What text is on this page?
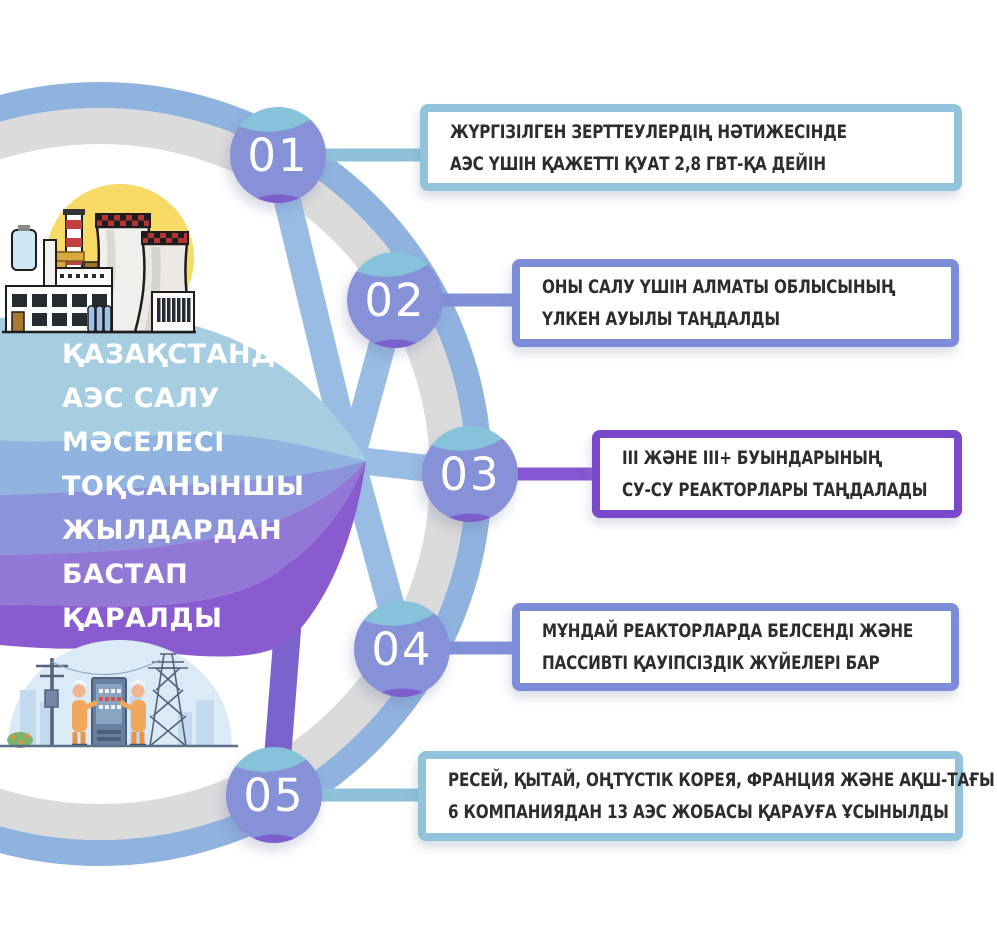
ҚАЗАҚСТАНДА
АЭС САЛУ
МӘСЕЛЕСІ
ТОҚСАНЫНШЫ
ЖЫЛДАРДАН
БАСТАП
ҚАРАЛДЫ
01
02
03
04
05
ЖҮРГІЗІЛГЕН ЗЕРТТЕУЛЕРДІҢ НӘТИЖЕСІНДЕ
АЭС ҮШІН ҚАЖЕТТІ ҚУАТ 2,8 ГВТ-ҚА ДЕЙІН
ОНЫ САЛУ ҮШІН АЛМАТЫ ОБЛЫСЫНЫҢ
ҮЛКЕН АУЫЛЫ ТАҢДАЛДЫ
III ЖӘНЕ III+ БУЫНДАРЫНЫҢ
СУ-СУ РЕАКТОРЛАРЫ ТАҢДАЛАДЫ
МҰНДАЙ РЕАКТОРЛАРДА БЕЛСЕНДІ ЖӘНЕ
ПАССИВТІ ҚАУІПСІЗДІК ЖҮЙЕЛЕРІ БАР
РЕСЕЙ, ҚЫТАЙ, ОҢТҮСТІК КОРЕЯ, ФРАНЦИЯ ЖӘНЕ АҚШ-ТАҒЫ
6 КОМПАНИЯДАН 13 АЭС ЖОБАСЫ ҚАРАУҒА ҰСЫНЫЛДЫ
